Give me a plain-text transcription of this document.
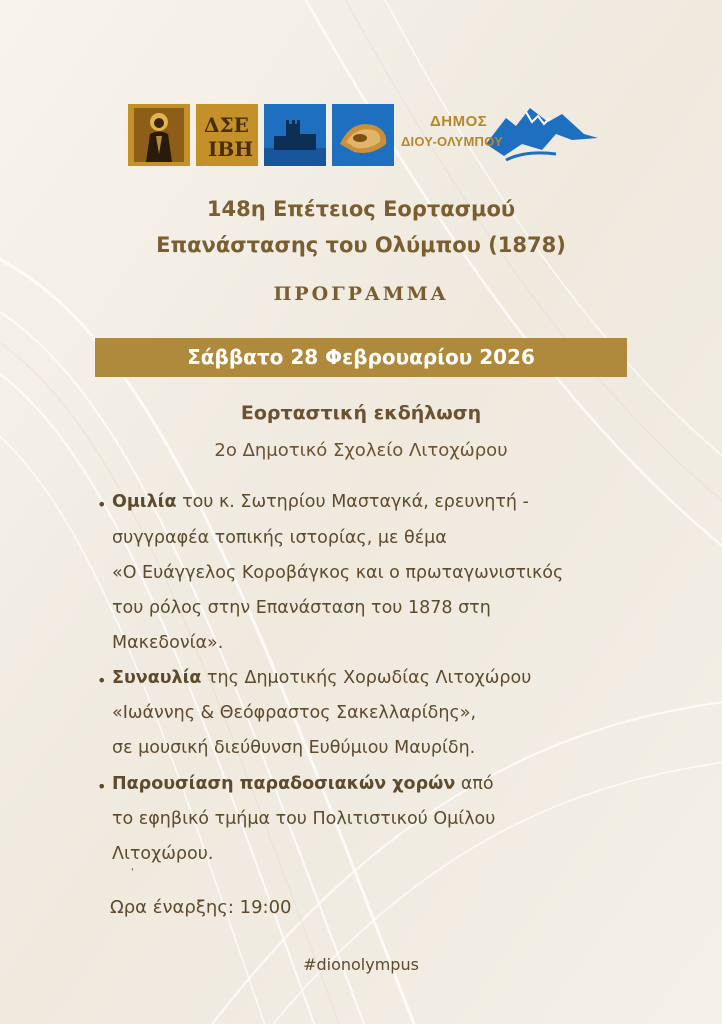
ΔΣΕ
ΙΒΗ
ΔΗΜΟΣ
ΔΙΟΥ-ΟΛΥΜΠΟΥ
148η Επέτειος Εορτασμού
Επανάστασης του Ολύμπου (1878)
ΠΡΟΓΡΑΜΜΑ
Σάββατο 28 Φεβρουαρίου 2026
Εορταστική εκδήλωση
2ο Δημοτικό Σχολείο Λιτοχώρου
• Ομιλία του κ. Σωτηρίου Μασταγκά, ερευνητή -
συγγραφέα τοπικής ιστορίας, με θέμα
«Ο Ευάγγελος Κοροβάγκος και ο πρωταγωνιστικός
του ρόλος στην Επανάσταση του 1878 στη
Μακεδονία».
• Συναυλία της Δημοτικής Χορωδίας Λιτοχώρου
«Ιωάννης & Θεόφραστος Σακελλαρίδης»,
σε μουσική διεύθυνση Ευθύμιου Μαυρίδη.
• Παρουσίαση παραδοσιακών χορών από
το εφηβικό τμήμα του Πολιτιστικού Ομίλου
Λιτοχώρου.
ʹ
Ωρα έναρξης: 19:00
#dionolympus
